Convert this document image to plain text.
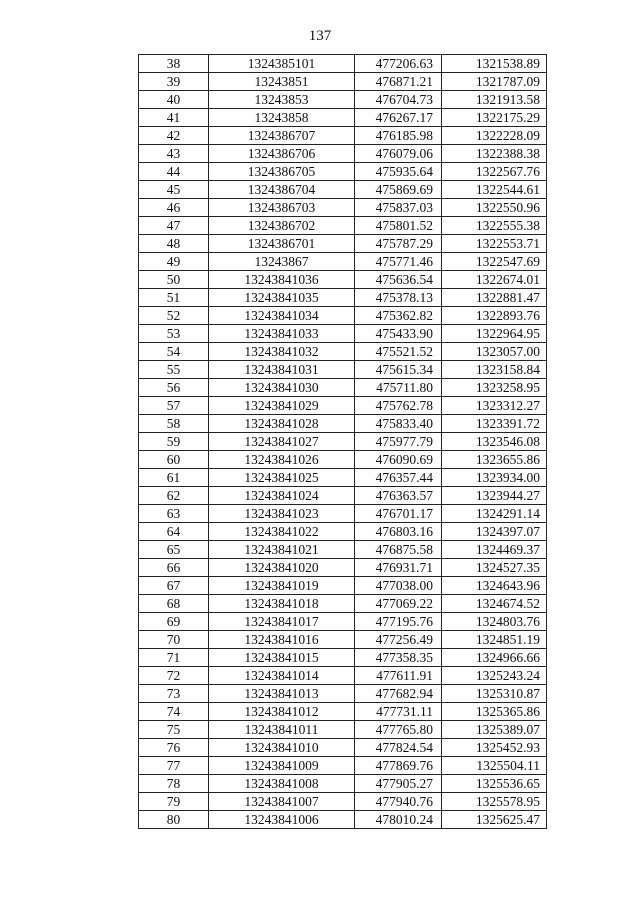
137
38	1324385101	477206.63	1321538.89
39	13243851	476871.21	1321787.09
40	13243853	476704.73	1321913.58
41	13243858	476267.17	1322175.29
42	1324386707	476185.98	1322228.09
43	1324386706	476079.06	1322388.38
44	1324386705	475935.64	1322567.76
45	1324386704	475869.69	1322544.61
46	1324386703	475837.03	1322550.96
47	1324386702	475801.52	1322555.38
48	1324386701	475787.29	1322553.71
49	13243867	475771.46	1322547.69
50	13243841036	475636.54	1322674.01
51	13243841035	475378.13	1322881.47
52	13243841034	475362.82	1322893.76
53	13243841033	475433.90	1322964.95
54	13243841032	475521.52	1323057.00
55	13243841031	475615.34	1323158.84
56	13243841030	475711.80	1323258.95
57	13243841029	475762.78	1323312.27
58	13243841028	475833.40	1323391.72
59	13243841027	475977.79	1323546.08
60	13243841026	476090.69	1323655.86
61	13243841025	476357.44	1323934.00
62	13243841024	476363.57	1323944.27
63	13243841023	476701.17	1324291.14
64	13243841022	476803.16	1324397.07
65	13243841021	476875.58	1324469.37
66	13243841020	476931.71	1324527.35
67	13243841019	477038.00	1324643.96
68	13243841018	477069.22	1324674.52
69	13243841017	477195.76	1324803.76
70	13243841016	477256.49	1324851.19
71	13243841015	477358.35	1324966.66
72	13243841014	477611.91	1325243.24
73	13243841013	477682.94	1325310.87
74	13243841012	477731.11	1325365.86
75	13243841011	477765.80	1325389.07
76	13243841010	477824.54	1325452.93
77	13243841009	477869.76	1325504.11
78	13243841008	477905.27	1325536.65
79	13243841007	477940.76	1325578.95
80	13243841006	478010.24	1325625.47
